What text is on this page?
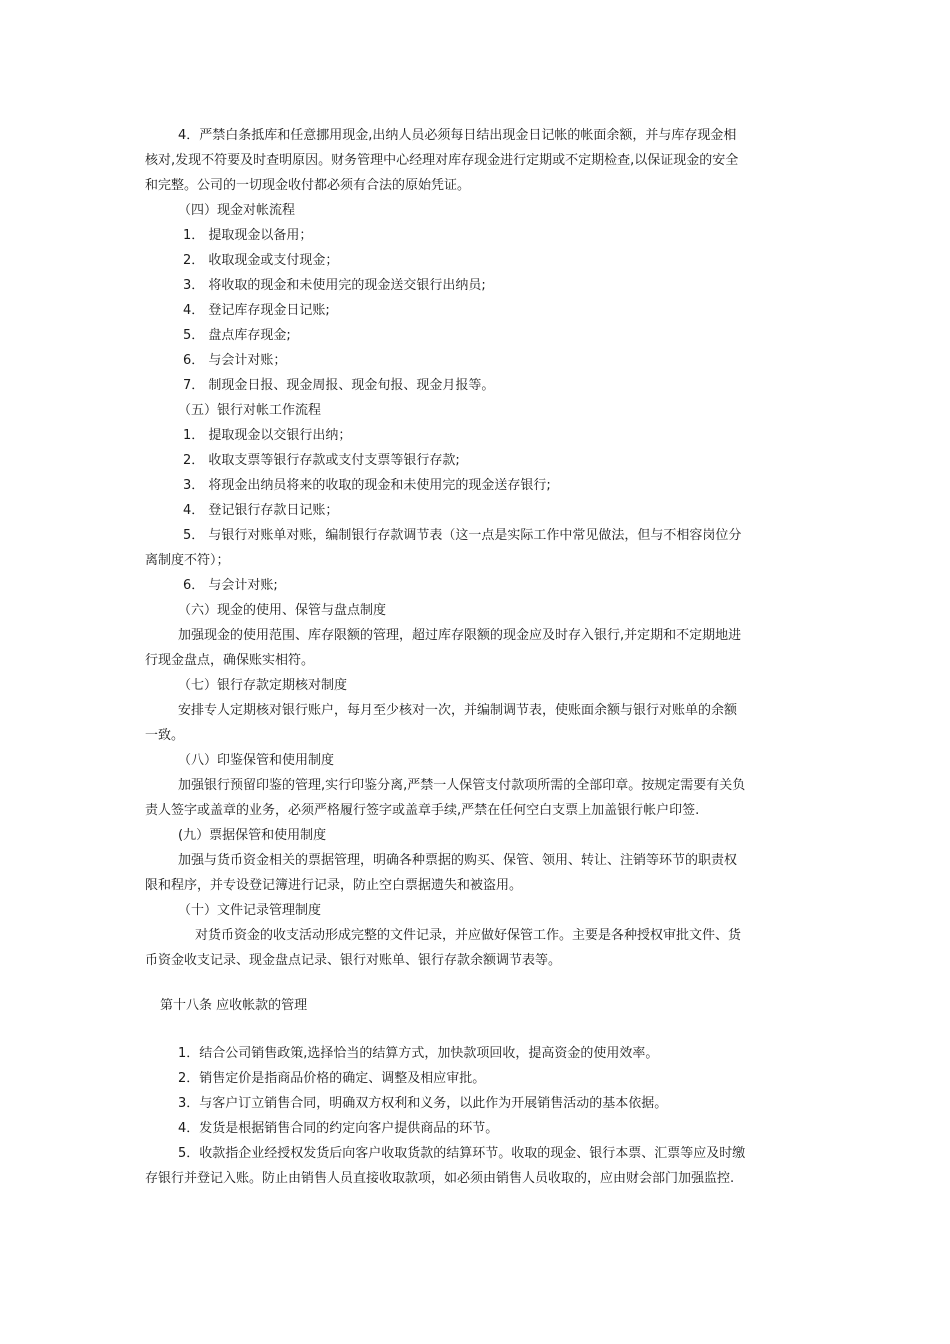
4．严禁白条抵库和任意挪用现金,出纳人员必须每日结出现金日记帐的帐面余额，并与库存现金相
核对,发现不符要及时查明原因。财务管理中心经理对库存现金进行定期或不定期检查,以保证现金的安全
和完整。公司的一切现金收付都必须有合法的原始凭证。
（四）现金对帐流程
1． 提取现金以备用；
2． 收取现金或支付现金；
3． 将收取的现金和未使用完的现金送交银行出纳员;
4． 登记库存现金日记账;
5． 盘点库存现金;
6． 与会计对账；
7． 制现金日报、现金周报、现金旬报、现金月报等。
（五）银行对帐工作流程
1． 提取现金以交银行出纳；
2． 收取支票等银行存款或支付支票等银行存款;
3． 将现金出纳员将来的收取的现金和未使用完的现金送存银行;
4． 登记银行存款日记账；
5． 与银行对账单对账，编制银行存款调节表（这一点是实际工作中常见做法，但与不相容岗位分
离制度不符）；
6． 与会计对账;
（六）现金的使用、保管与盘点制度
加强现金的使用范围、库存限额的管理，超过库存限额的现金应及时存入银行,并定期和不定期地进
行现金盘点，确保账实相符。
（七）银行存款定期核对制度
安排专人定期核对银行账户，每月至少核对一次，并编制调节表，使账面余额与银行对账单的余额
一致。
（八）印鉴保管和使用制度
加强银行预留印鉴的管理,实行印鉴分离,严禁一人保管支付款项所需的全部印章。按规定需要有关负
责人签字或盖章的业务，必须严格履行签字或盖章手续,严禁在任何空白支票上加盖银行帐户印签.
(九）票据保管和使用制度
加强与货币资金相关的票据管理，明确各种票据的购买、保管、领用、转让、注销等环节的职责权
限和程序，并专设登记簿进行记录，防止空白票据遗失和被盗用。
（十）文件记录管理制度
对货币资金的收支活动形成完整的文件记录，并应做好保管工作。主要是各种授权审批文件、货
币资金收支记录、现金盘点记录、银行对账单、银行存款余额调节表等。
第十八条 应收帐款的管理
1．结合公司销售政策,选择恰当的结算方式，加快款项回收，提高资金的使用效率。
2．销售定价是指商品价格的确定、调整及相应审批。
3．与客户订立销售合同，明确双方权利和义务，以此作为开展销售活动的基本依据。
4．发货是根据销售合同的约定向客户提供商品的环节。
5．收款指企业经授权发货后向客户收取货款的结算环节。收取的现金、银行本票、汇票等应及时缴
存银行并登记入账。防止由销售人员直接收取款项，如必须由销售人员收取的，应由财会部门加强监控.
